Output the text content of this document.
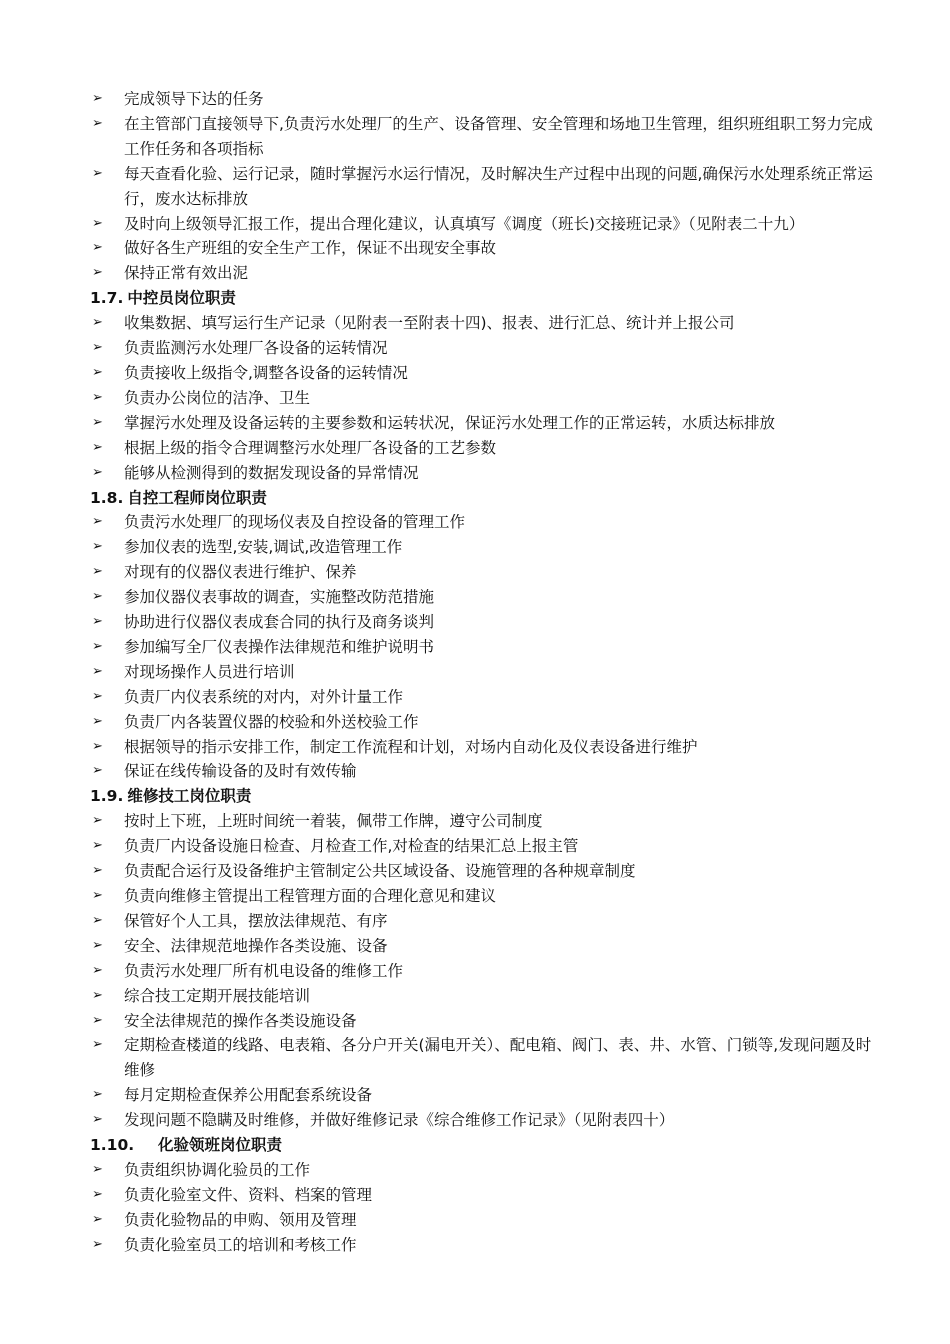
➢ 完成领导下达的任务
➢ 在主管部门直接领导下,负责污水处理厂的生产、设备管理、安全管理和场地卫生管理，组织班组职工努力完成工作任务和各项指标
➢ 每天查看化验、运行记录，随时掌握污水运行情况，及时解决生产过程中出现的问题,确保污水处理系统正常运行，废水达标排放
➢ 及时向上级领导汇报工作，提出合理化建议，认真填写《调度（班长)交接班记录》（见附表二十九）
➢ 做好各生产班组的安全生产工作，保证不出现安全事故
➢ 保持正常有效出泥
1.7. 中控员岗位职责
➢ 收集数据、填写运行生产记录（见附表一至附表十四)、报表、进行汇总、统计并上报公司
➢ 负责监测污水处理厂各设备的运转情况
➢ 负责接收上级指令,调整各设备的运转情况
➢ 负责办公岗位的洁净、卫生
➢ 掌握污水处理及设备运转的主要参数和运转状况，保证污水处理工作的正常运转，水质达标排放
➢ 根据上级的指令合理调整污水处理厂各设备的工艺参数
➢ 能够从检测得到的数据发现设备的异常情况
1.8. 自控工程师岗位职责
➢ 负责污水处理厂的现场仪表及自控设备的管理工作
➢ 参加仪表的选型,安装,调试,改造管理工作
➢ 对现有的仪器仪表进行维护、保养
➢ 参加仪器仪表事故的调查，实施整改防范措施
➢ 协助进行仪器仪表成套合同的执行及商务谈判
➢ 参加编写全厂仪表操作法律规范和维护说明书
➢ 对现场操作人员进行培训
➢ 负责厂内仪表系统的对内，对外计量工作
➢ 负责厂内各装置仪器的校验和外送校验工作
➢ 根据领导的指示安排工作，制定工作流程和计划，对场内自动化及仪表设备进行维护
➢ 保证在线传输设备的及时有效传输
1.9. 维修技工岗位职责
➢ 按时上下班，上班时间统一着装，佩带工作牌，遵守公司制度
➢ 负责厂内设备设施日检查、月检查工作,对检查的结果汇总上报主管
➢ 负责配合运行及设备维护主管制定公共区域设备、设施管理的各种规章制度
➢ 负责向维修主管提出工程管理方面的合理化意见和建议
➢ 保管好个人工具，摆放法律规范、有序
➢ 安全、法律规范地操作各类设施、设备
➢ 负责污水处理厂所有机电设备的维修工作
➢ 综合技工定期开展技能培训
➢ 安全法律规范的操作各类设施设备
➢ 定期检查楼道的线路、电表箱、各分户开关(漏电开关）、配电箱、阀门、表、井、水管、门锁等,发现问题及时维修
➢ 每月定期检查保养公用配套系统设备
➢ 发现问题不隐瞒及时维修，并做好维修记录《综合维修工作记录》（见附表四十）
1.10. 化验领班岗位职责
➢ 负责组织协调化验员的工作
➢ 负责化验室文件、资料、档案的管理
➢ 负责化验物品的申购、领用及管理
➢ 负责化验室员工的培训和考核工作
